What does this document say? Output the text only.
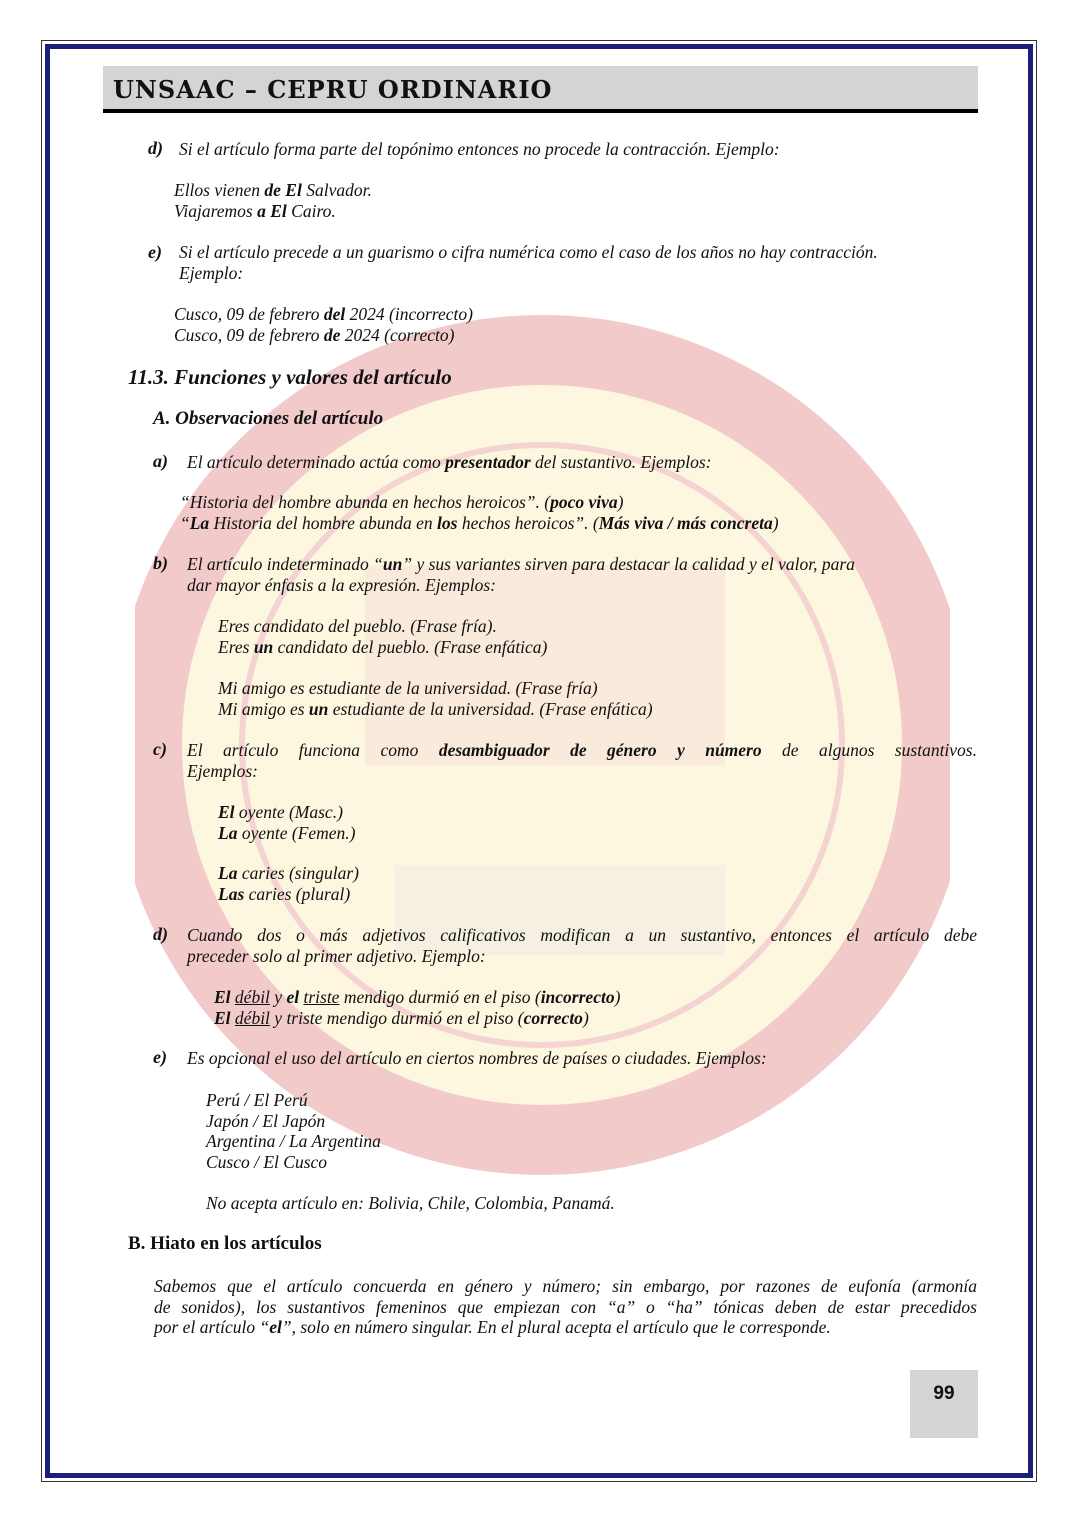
UNSAAC – CEPRU ORDINARIO
d) Si el artículo forma parte del topónimo entonces no procede la contracción. Ejemplo:
Ellos vienen de El Salvador.
Viajaremos a El Cairo.
e) Si el artículo precede a un guarismo o cifra numérica como el caso de los años no hay contracción.
Ejemplo:
Cusco, 09 de febrero del 2024 (incorrecto)
Cusco, 09 de febrero de 2024 (correcto)
11.3. Funciones y valores del artículo
A. Observaciones del artículo
a) El artículo determinado actúa como presentador del sustantivo. Ejemplos:
“Historia del hombre abunda en hechos heroicos”. (poco viva)
“La Historia del hombre abunda en los hechos heroicos”. (Más viva / más concreta)
b) El artículo indeterminado “un” y sus variantes sirven para destacar la calidad y el valor, para
dar mayor énfasis a la expresión. Ejemplos:
Eres candidato del pueblo. (Frase fría).
Eres un candidato del pueblo. (Frase enfática)
Mi amigo es estudiante de la universidad. (Frase fría)
Mi amigo es un estudiante de la universidad. (Frase enfática)
c) El artículo funciona como desambiguador de género y número de algunos sustantivos.
Ejemplos:
El oyente (Masc.)
La oyente (Femen.)
La caries (singular)
Las caries (plural)
d) Cuando dos o más adjetivos calificativos modifican a un sustantivo, entonces el artículo debe
preceder solo al primer adjetivo. Ejemplo:
El débil y el triste mendigo durmió en el piso (incorrecto)
El débil y triste mendigo durmió en el piso (correcto)
e) Es opcional el uso del artículo en ciertos nombres de países o ciudades. Ejemplos:
Perú / El Perú
Japón / El Japón
Argentina / La Argentina
Cusco / El Cusco
No acepta artículo en: Bolivia, Chile, Colombia, Panamá.
B. Hiato en los artículos
Sabemos que el artículo concuerda en género y número; sin embargo, por razones de eufonía (armonía
de sonidos), los sustantivos femeninos que empiezan con “a” o “ha” tónicas deben de estar precedidos
por el artículo “el”, solo en número singular. En el plural acepta el artículo que le corresponde.
99
